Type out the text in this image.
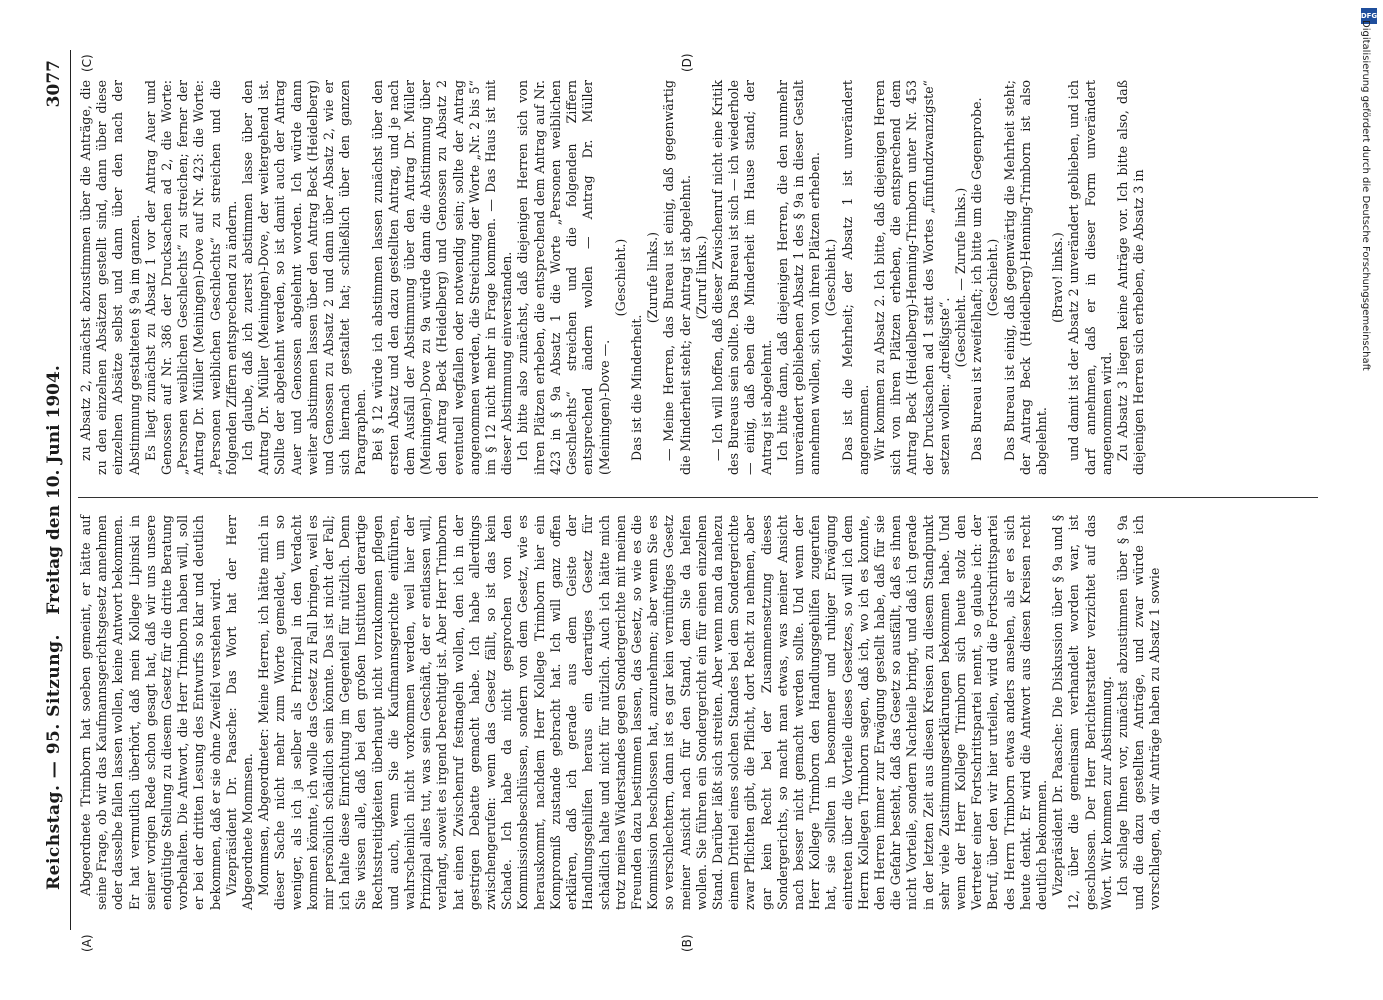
Reichstag. — 95. Sitzung.
Freitag den 10. Juni 1904.
3077
(A)	(B)
(C)	(D)

Abgeordnete Trimborn hat soeben gemeint, er hätte auf seine Frage, ob wir das Kaufmannsgerichtsgesetz annehmen oder dasselbe fallen lassen wollen, keine Antwort bekommen. Er hat vermutlich überhört, daß mein Kollege Lipinski in seiner vorigen Rede schon gesagt hat, daß wir uns unsere endgültige Stellung zu diesem Gesetz für die dritte Beratung vorbehalten. Die Antwort, die Herr Trimborn haben will, soll er bei der dritten Lesung des Entwurfs so klar und deutlich bekommen, daß er sie ohne Zweifel verstehen wird. Vizepräsident Dr. Paasche: Das Wort hat der Herr Abgeordnete Mommsen. Mommsen, Abgeordneter: Meine Herren, ich hätte mich in dieser Sache nicht mehr zum Worte gemeldet, um so weniger, als ich ja selber als Prinzipal in den Verdacht kommen könnte, ich wolle das Gesetz zu Fall bringen, weil es mir persönlich schädlich sein könnte. Das ist nicht der Fall; ich halte diese Einrichtung im Gegenteil für nützlich. Denn Sie wissen alle, daß bei den großen Instituten derartige Rechtsstreitigkeiten überhaupt nicht vorzukommen pflegen und auch, wenn Sie die Kaufmannsgerichte einführen, wahrscheinlich nicht vorkommen werden, weil hier der Prinzipal alles tut, was sein Geschäft, der er entlassen will, verlangt, soweit es irgend berechtigt ist. Aber Herr Trimborn hat einen Zwischenruf festnageln wollen, den ich in der gestrigen Debatte gemacht habe. Ich habe allerdings zwischengerufen: wenn das Gesetz fällt, so ist das kein Schade. Ich habe da nicht gesprochen von den Kommissionsbeschlüssen, sondern von dem Gesetz, wie es herauskommt, nachdem Herr Kollege Trimborn hier ein Kompromiß zustande gebracht hat. Ich will ganz offen erklären, daß ich gerade aus dem Geiste der Handlungsgehilfen heraus ein derartiges Gesetz für schädlich halte und nicht für nützlich. Auch ich hätte mich trotz meines Widerstandes gegen Sondergerichte mit meinen Freunden dazu bestimmen lassen, das Gesetz, so wie es die Kommission beschlossen hat, anzunehmen; aber wenn Sie es so verschlechtern, dann ist es gar kein vernünftiges Gesetz meiner Ansicht nach für den Stand, dem Sie da helfen wollen. Sie führen ein Sondergericht ein für einen einzelnen Stand. Darüber läßt sich streiten. Aber wenn man da nahezu einem Drittel eines solchen Standes bei dem Sondergerichte zwar Pflichten gibt, die Pflicht, dort Recht zu nehmen, aber gar kein Recht bei der Zusammensetzung dieses Sondergerichts, so macht man etwas, was meiner Ansicht nach besser nicht gemacht werden sollte. Und wenn der Herr Kollege Trimborn den Handlungsgehilfen zugerufen hat, sie sollten in besonnener und ruhiger Erwägung eintreten über die Vorteile dieses Gesetzes, so will ich dem Herrn Kollegen Trimborn sagen, daß ich, wo ich es konnte, den Herren immer zur Erwägung gestellt habe, daß für sie die Gefahr besteht, daß das Gesetz so ausfällt, daß es ihnen nicht Vorteile, sondern Nachteile bringt, und daß ich gerade in der letzten Zeit aus diesen Kreisen zu diesem Standpunkt sehr viele Zustimmungserklärungen bekommen habe. Und wenn der Herr Kollege Trimborn sich heute stolz den Vertreter einer Fortschrittspartei nennt, so glaube ich: der Beruf, über den wir hier urteilen, wird die Fortschrittspartei des Herrn Trimborn etwas anders ansehen, als er es sich heute denkt. Er wird die Antwort aus diesen Kreisen recht deutlich bekommen. Vizepräsident Dr. Paasche: Die Diskussion über § 9a und § 12, über die gemeinsam verhandelt worden war, ist geschlossen. Der Herr Berichterstatter verzichtet auf das Wort. Wir kommen zur Abstimmung. Ich schlage Ihnen vor, zunächst abzustimmen über § 9a und die dazu gestellten Anträge, und zwar würde ich vorschlagen, da wir Anträge haben zu Absatz 1 sowie

zu Absatz 2, zunächst abzustimmen über die Anträge, die zu den einzelnen Absätzen gestellt sind, dann über diese einzelnen Absätze selbst und dann über den nach der Abstimmung gestalteten § 9a im ganzen. Es liegt zunächst zu Absatz 1 vor der Antrag Auer und Genossen auf Nr. 386 der Drucksachen ad 2, die Worte: „Personen weiblichen Geschlechts“ zu streichen; ferner der Antrag Dr. Müller (Meiningen)-Dove auf Nr. 423: die Worte: „Personen weiblichen Geschlechts“ zu streichen und die folgenden Ziffern entsprechend zu ändern. Ich glaube, daß ich zuerst abstimmen lasse über den Antrag Dr. Müller (Meiningen)-Dove, der weitergehend ist. Sollte der abgelehnt werden, so ist damit auch der Antrag Auer und Genossen abgelehnt worden. Ich würde dann weiter abstimmen lassen über den Antrag Beck (Heidelberg) und Genossen zu Absatz 2 und dann über Absatz 2, wie er sich hiernach gestaltet hat; schließlich über den ganzen Paragraphen. Bei § 12 würde ich abstimmen lassen zunächst über den ersten Absatz und den dazu gestellten Antrag, und je nach dem Ausfall der Abstimmung über den Antrag Dr. Müller (Meiningen)-Dove zu 9a würde dann die Abstimmung über den Antrag Beck (Heidelberg) und Genossen zu Absatz 2 eventuell wegfallen oder notwendig sein; sollte der Antrag angenommen werden, die Streichung der Worte „Nr. 2 bis 5“ im § 12 nicht mehr in Frage kommen. — Das Haus ist mit dieser Abstimmung einverstanden. Ich bitte also zunächst, daß diejenigen Herren sich von ihren Plätzen erheben, die entsprechend dem Antrag auf Nr. 423 in § 9a Absatz 1 die Worte „Personen weiblichen Geschlechts“ streichen und die folgenden Ziffern entsprechend ändern wollen — Antrag Dr. Müller (Meiningen)-Dove —.

(Geschieht.)

Das ist die Minderheit.

(Zurufe links.) — Meine Herren, das Bureau ist einig, daß gegenwärtig die Minderheit steht; der Antrag ist abgelehnt. (Zuruf links.) — Ich will hoffen, daß dieser Zwischenruf nicht eine Kritik des Bureaus sein sollte. Das Bureau ist sich — ich wiederhole — einig, daß eben die Minderheit im Hause stand; der Antrag ist abgelehnt. Ich bitte dann, daß diejenigen Herren, die den nunmehr unverändert gebliebenen Absatz 1 des § 9a in dieser Gestalt annehmen wollen, sich von ihren Plätzen erheben. (Geschieht.) Das ist die Mehrheit; der Absatz 1 ist unverändert angenommen. Wir kommen zu Absatz 2. Ich bitte, daß diejenigen Herren sich von ihren Plätzen erheben, die entsprechend dem Antrag Beck (Heidelberg)-Henning-Trimborn unter Nr. 453 der Drucksachen ad 1 statt des Wortes „fünfundzwanzigste“ setzen wollen: „dreißigste“.

(Geschieht. — Zurufe links.) Das Bureau ist zweifelhaft; ich bitte um die Gegenprobe. (Geschieht.) Das Bureau ist einig, daß gegenwärtig die Mehrheit steht; der Antrag Beck (Heidelberg)-Henning-Trimborn ist also abgelehnt.

(Bravo! links.) und damit ist der Absatz 2 unverändert geblieben, und ich darf annehmen, daß er in dieser Form unverändert angenommen wird. Zu Absatz 3 liegen keine Anträge vor. Ich bitte also, daß diejenigen Herren sich erheben, die Absatz 3 in

DFG
Digitalisierung gefördert durch die Deutsche Forschungsgemeinschaft
